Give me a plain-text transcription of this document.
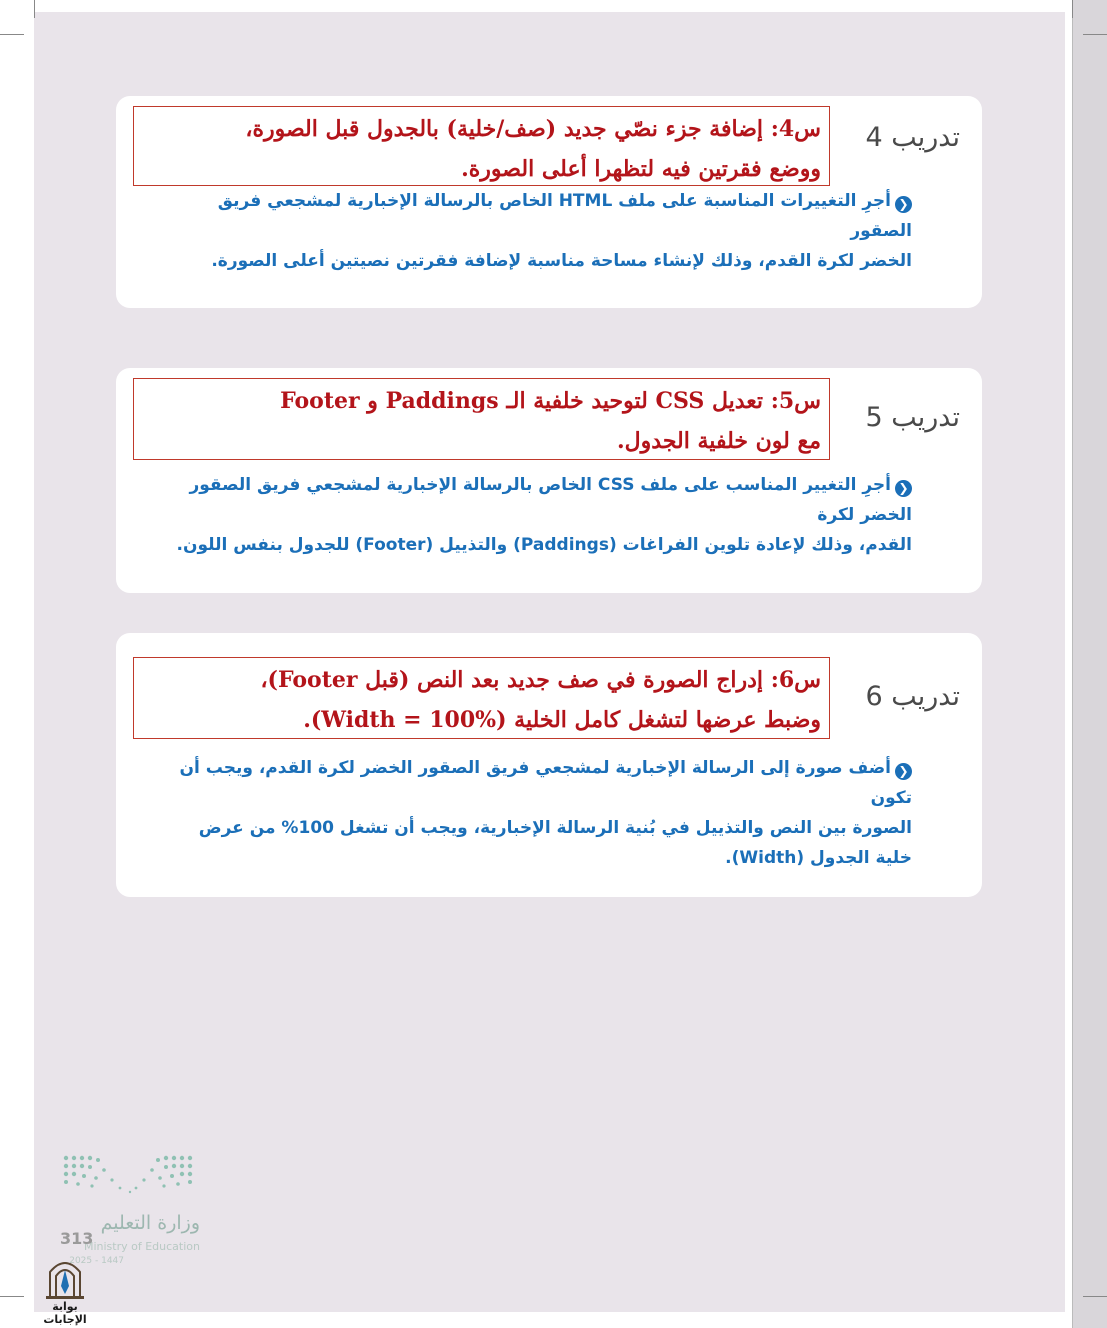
تدريب 4
س4: إضافة جزء نصّي جديد (صف/خلية) بالجدول قبل الصورة،
ووضع فقرتين فيه لتظهرا أعلى الصورة.
❮أجرِ التغييرات المناسبة على ملف HTML الخاص بالرسالة الإخبارية لمشجعي فريق الصقور
الخضر لكرة القدم، وذلك لإنشاء مساحة مناسبة لإضافة فقرتين نصيتين أعلى الصورة.
تدريب 5
س5: تعديل CSS لتوحيد خلفية الـ Paddings و Footer
مع لون خلفية الجدول.
❮أجرِ التغيير المناسب على ملف CSS الخاص بالرسالة الإخبارية لمشجعي فريق الصقور الخضر لكرة
القدم، وذلك لإعادة تلوين الفراغات (Paddings) والتذييل (Footer) للجدول بنفس اللون.
تدريب 6
س6: إدراج الصورة في صف جديد بعد النص (قبل Footer)،
وضبط عرضها لتشغل كامل الخلية (Width = 100%).
❮أضف صورة إلى الرسالة الإخبارية لمشجعي فريق الصقور الخضر لكرة القدم، ويجب أن تكون
الصورة بين النص والتذييل في بُنية الرسالة الإخبارية، ويجب أن تشغل 100% من عرض
خلية الجدول (Width).
وزارة التعليم
Ministry of Education
2025 - 1447
313
بوابة الإجابات
